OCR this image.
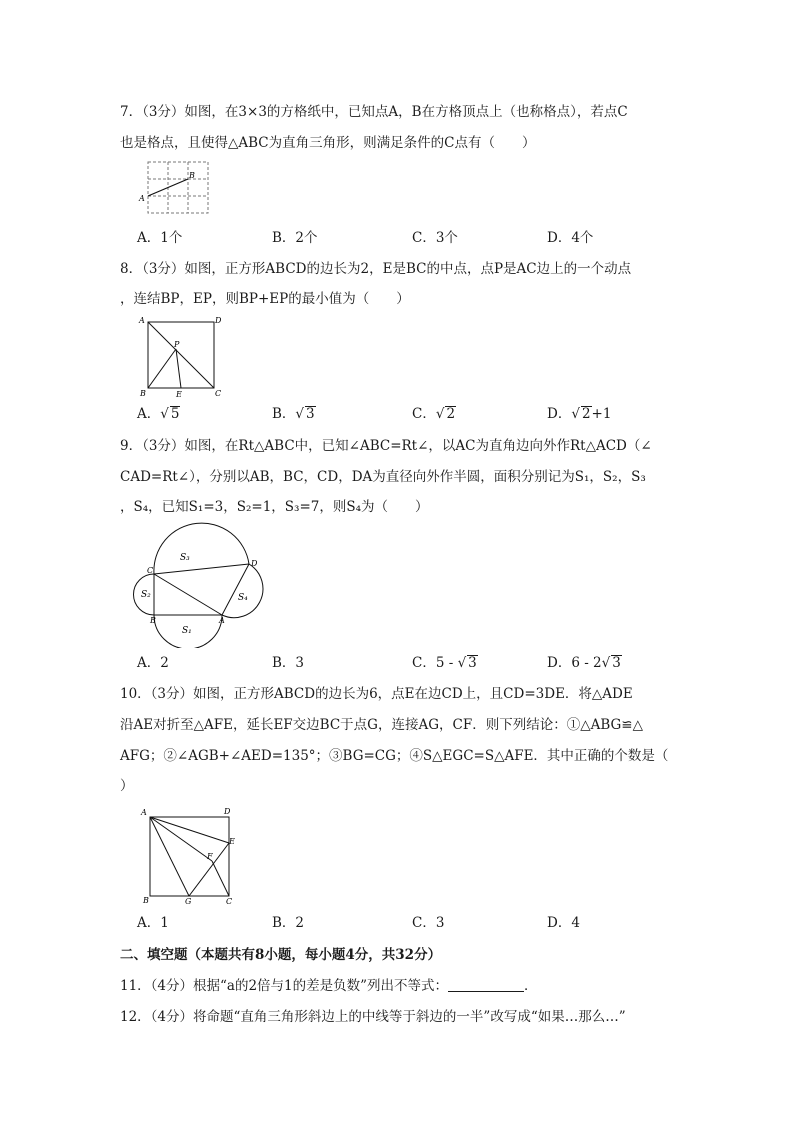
7．（3分）如图，在3×3的方格纸中，已知点A，B在方格顶点上（也称格点），若点C
也是格点，且使得△ABC为直角三角形，则满足条件的C点有（　　）
A
B
A．1个	B．2个	C．3个	D．4个
8．（3分）如图，正方形ABCD的边长为2，E是BC的中点，点P是AC边上的一个动点
，连结BP，EP，则BP+EP的最小值为（　　）
A	D
B	C
E
P
A．√ 5	B．√ 3	C．√ 2	D．√ 2+1
9．（3分）如图，在Rt△ABC中，已知∠ABC=Rt∠，以AC为直角边向外作Rt△ACD（∠
CAD=Rt∠），分别以AB，BC，CD，DA为直径向外作半圆，面积分别记为S₁，S₂，S₃
，S₄，已知S₁=3，S₂=1，S₃=7，则S₄为（　　）
S₃
S₂
S₁
S₄
C
D
B	A
A．2	B．3	C．5 - √ 3	D．6 - 2√ 3
10．（3分）如图，正方形ABCD的边长为6，点E在边CD上，且CD=3DE．将△ADE
沿AE对折至△AFE，延长EF交边BC于点G，连接AG，CF．则下列结论：①△ABG≌△
AFG；②∠AGB+∠AED=135°；③BG=CG；④S△EGC=S△AFE．其中正确的个数是（
）
A	D
E
F
B	G	C
A．1	B．2	C．3	D．4
二、填空题（本题共有8小题，每小题4分，共32分）
11．（4分）根据“a的2倍与1的差是负数”列出不等式：	．
12．（4分）将命题“直角三角形斜边上的中线等于斜边的一半”改写成“如果…那么…”
